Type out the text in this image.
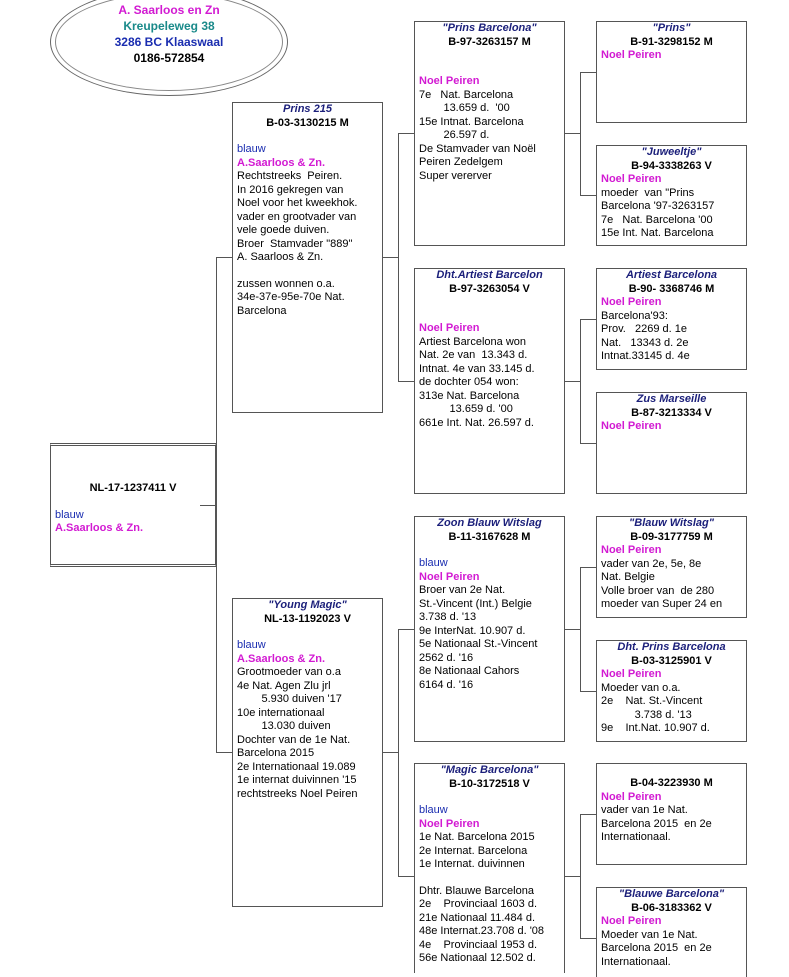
A. Saarloos en Zn
Kreupeleweg 38
3286 BC Klaaswaal
0186-572854
NL-17-1237411 V
blauw
A.Saarloos & Zn.
Prins 215
B-03-3130215 M
blauw
A.Saarloos & Zn.
Rechtstreeks  Peiren.
In 2016 gekregen van
Noel voor het kweekhok.
vader en grootvader van
vele goede duiven.
Broer  Stamvader "889"
A. Saarloos & Zn.
zussen wonnen o.a.
34e-37e-95e-70e Nat.
Barcelona
"Young Magic"
NL-13-1192023 V
blauw
A.Saarloos & Zn.
Grootmoeder van o.a
4e Nat. Agen Zlu jrl
5.930 duiven '17
10e internationaal
13.030 duiven
Dochter van de 1e Nat.
Barcelona 2015
2e Internationaal 19.089
1e internat duivinnen '15
rechtstreeks Noel Peiren
"Prins Barcelona"
B-97-3263157 M
Noel Peiren
7e   Nat. Barcelona
13.659 d.  '00
15e Intnat. Barcelona
26.597 d.
De Stamvader van Noël
Peiren Zedelgem
Super vererver
Dht.Artiest Barcelon
B-97-3263054 V
Noel Peiren
Artiest Barcelona won
Nat. 2e van  13.343 d.
Intnat. 4e van 33.145 d.
de dochter 054 won:
313e Nat. Barcelona
13.659 d. '00
661e Int. Nat. 26.597 d.
Zoon Blauw Witslag
B-11-3167628 M
blauw
Noel Peiren
Broer van 2e Nat.
St.-Vincent (Int.) Belgie
3.738 d. '13
9e InterNat. 10.907 d.
5e Nationaal St.-Vincent
2562 d. '16
8e Nationaal Cahors
6164 d. '16
"Magic Barcelona"
B-10-3172518 V
blauw
Noel Peiren
1e Nat. Barcelona 2015
2e Internat. Barcelona
1e Internat. duivinnen
Dhtr. Blauwe Barcelona
2e    Provinciaal 1603 d.
21e Nationaal 11.484 d.
48e Internat.23.708 d. '08
4e    Provinciaal 1953 d.
56e Nationaal 12.502 d.
"Prins"
B-91-3298152 M
Noel Peiren
"Juweeltje"
B-94-3338263 V
Noel Peiren
moeder  van "Prins
Barcelona '97-3263157
7e   Nat. Barcelona '00
15e Int. Nat. Barcelona
Artiest Barcelona
B-90- 3368746 M
Noel Peiren
Barcelona'93:
Prov.   2269 d. 1e
Nat.   13343 d. 2e
Intnat.33145 d. 4e
Zus Marseille
B-87-3213334 V
Noel Peiren
"Blauw Witslag"
B-09-3177759 M
Noel Peiren
vader van 2e, 5e, 8e
Nat. Belgie
Volle broer van  de 280
moeder van Super 24 en
Dht. Prins Barcelona
B-03-3125901 V
Noel Peiren
Moeder van o.a.
2e    Nat. St.-Vincent
3.738 d. '13
9e    Int.Nat. 10.907 d.
B-04-3223930 M
Noel Peiren
vader van 1e Nat.
Barcelona 2015  en 2e
Internationaal.
"Blauwe Barcelona"
B-06-3183362 V
Noel Peiren
Moeder van 1e Nat.
Barcelona 2015  en 2e
Internationaal.
